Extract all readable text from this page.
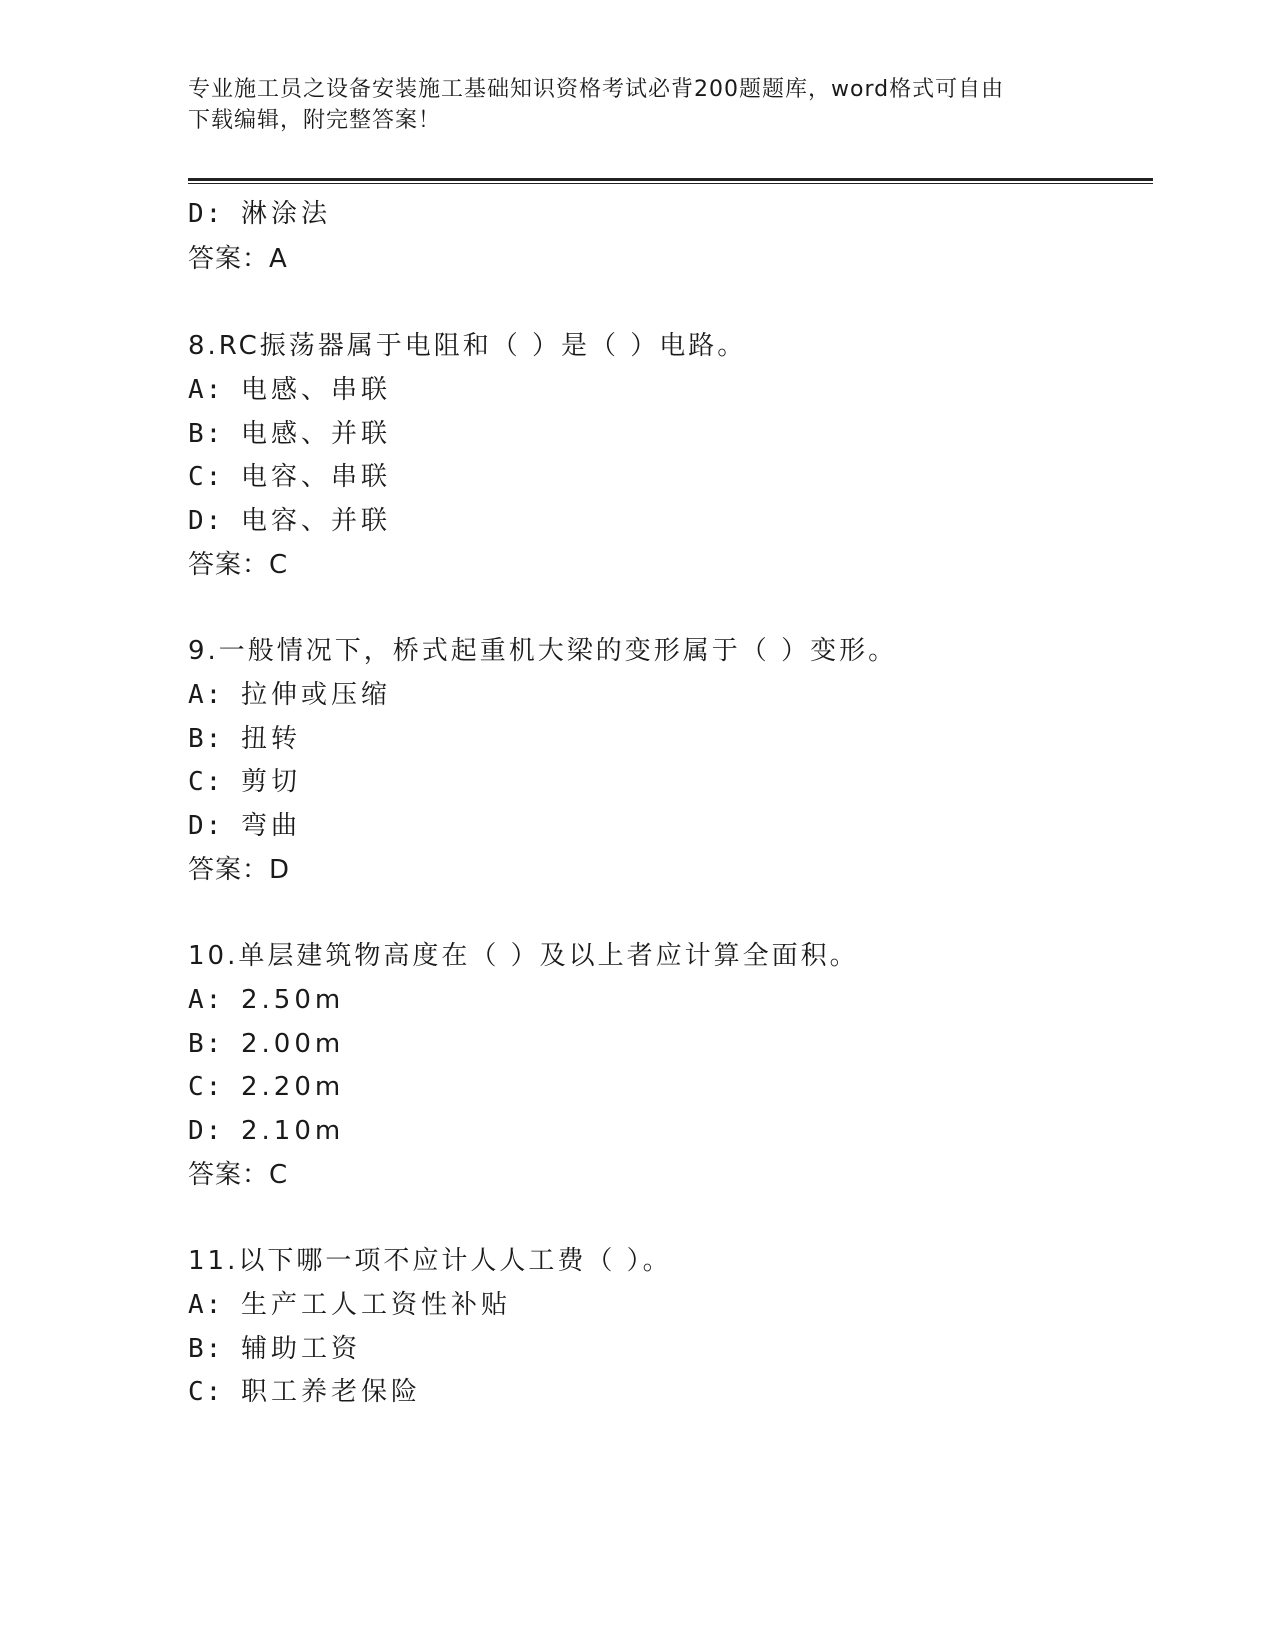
专业施工员之设备安装施工基础知识资格考试必背200题题库，word格式可自由
下载编辑，附完整答案！
D: 淋涂法
答案：A
8.RC振荡器属于电阻和（ ）是（ ）电路。
A: 电感、串联
B: 电感、并联
C: 电容、串联
D: 电容、并联
答案：C
9.一般情况下，桥式起重机大梁的变形属于（ ）变形。
A: 拉伸或压缩
B: 扭转
C: 剪切
D: 弯曲
答案：D
10.单层建筑物高度在（ ）及以上者应计算全面积。
A: 2.50m
B: 2.00m
C: 2.20m
D: 2.10m
答案：C
11.以下哪一项不应计人人工费（ ）。
A: 生产工人工资性补贴
B: 辅助工资
C: 职工养老保险
